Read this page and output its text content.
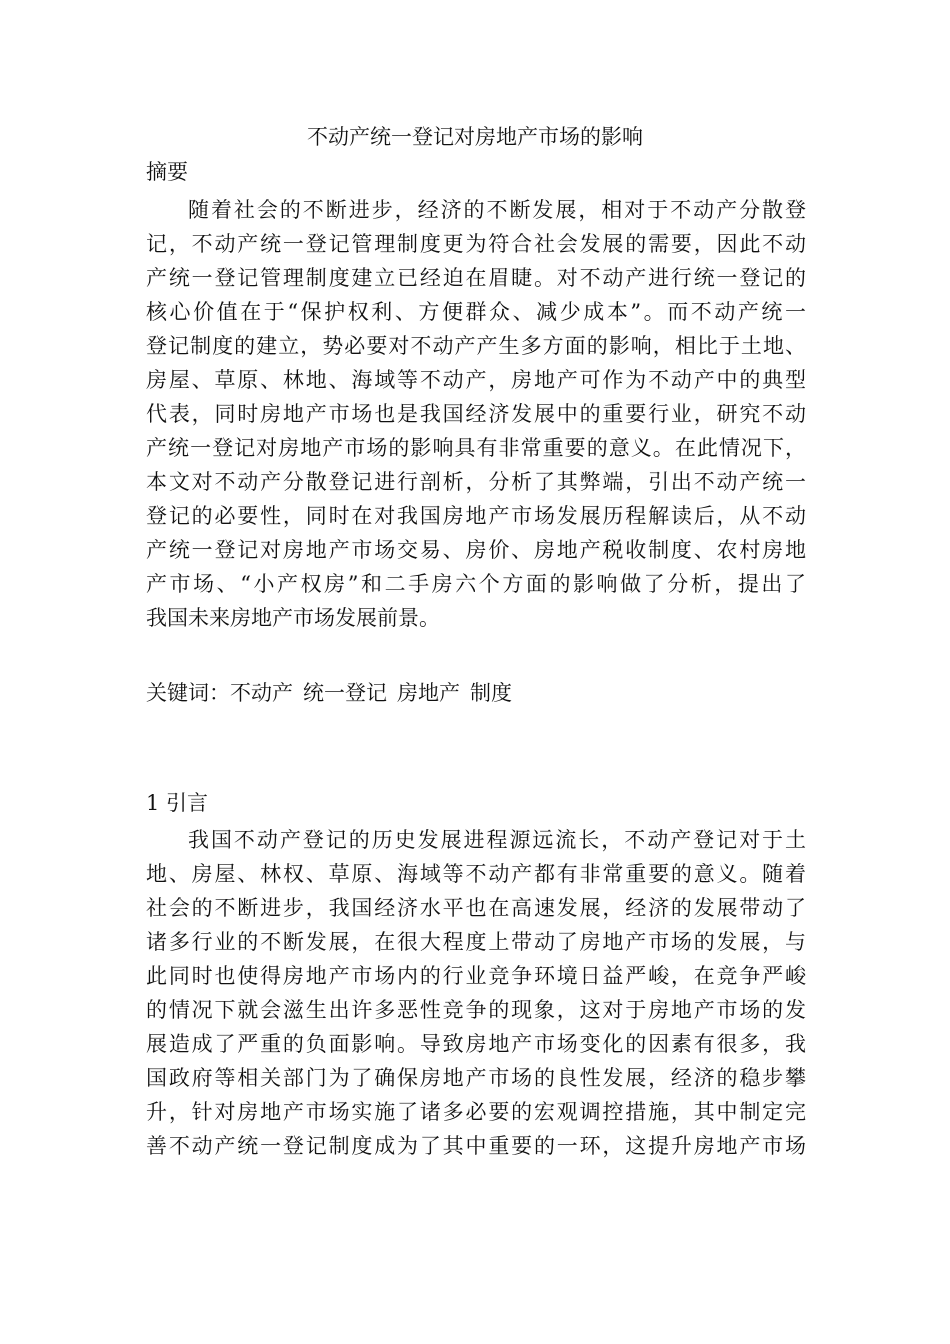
不动产统一登记对房地产市场的影响
摘要
随着社会的不断进步，经济的不断发展，相对于不动产分散登
记，不动产统一登记管理制度更为符合社会发展的需要，因此不动
产统一登记管理制度建立已经迫在眉睫。对不动产进行统一登记的
核心价值在于“保护权利、方便群众、减少成本”。而不动产统一
登记制度的建立，势必要对不动产产生多方面的影响，相比于土地、
房屋、草原、林地、海域等不动产，房地产可作为不动产中的典型
代表，同时房地产市场也是我国经济发展中的重要行业，研究不动
产统一登记对房地产市场的影响具有非常重要的意义。在此情况下，
本文对不动产分散登记进行剖析，分析了其弊端，引出不动产统一
登记的必要性，同时在对我国房地产市场发展历程解读后，从不动
产统一登记对房地产市场交易、房价、房地产税收制度、农村房地
产市场、“小产权房”和二手房六个方面的影响做了分析，提出了
我国未来房地产市场发展前景。
关键词：不动产 统一登记 房地产 制度
1 引言
我国不动产登记的历史发展进程源远流长，不动产登记对于土
地、房屋、林权、草原、海域等不动产都有非常重要的意义。随着
社会的不断进步，我国经济水平也在高速发展，经济的发展带动了
诸多行业的不断发展，在很大程度上带动了房地产市场的发展，与
此同时也使得房地产市场内的行业竞争环境日益严峻，在竞争严峻
的情况下就会滋生出许多恶性竞争的现象，这对于房地产市场的发
展造成了严重的负面影响。导致房地产市场变化的因素有很多，我
国政府等相关部门为了确保房地产市场的良性发展，经济的稳步攀
升，针对房地产市场实施了诸多必要的宏观调控措施，其中制定完
善不动产统一登记制度成为了其中重要的一环，这提升房地产市场
